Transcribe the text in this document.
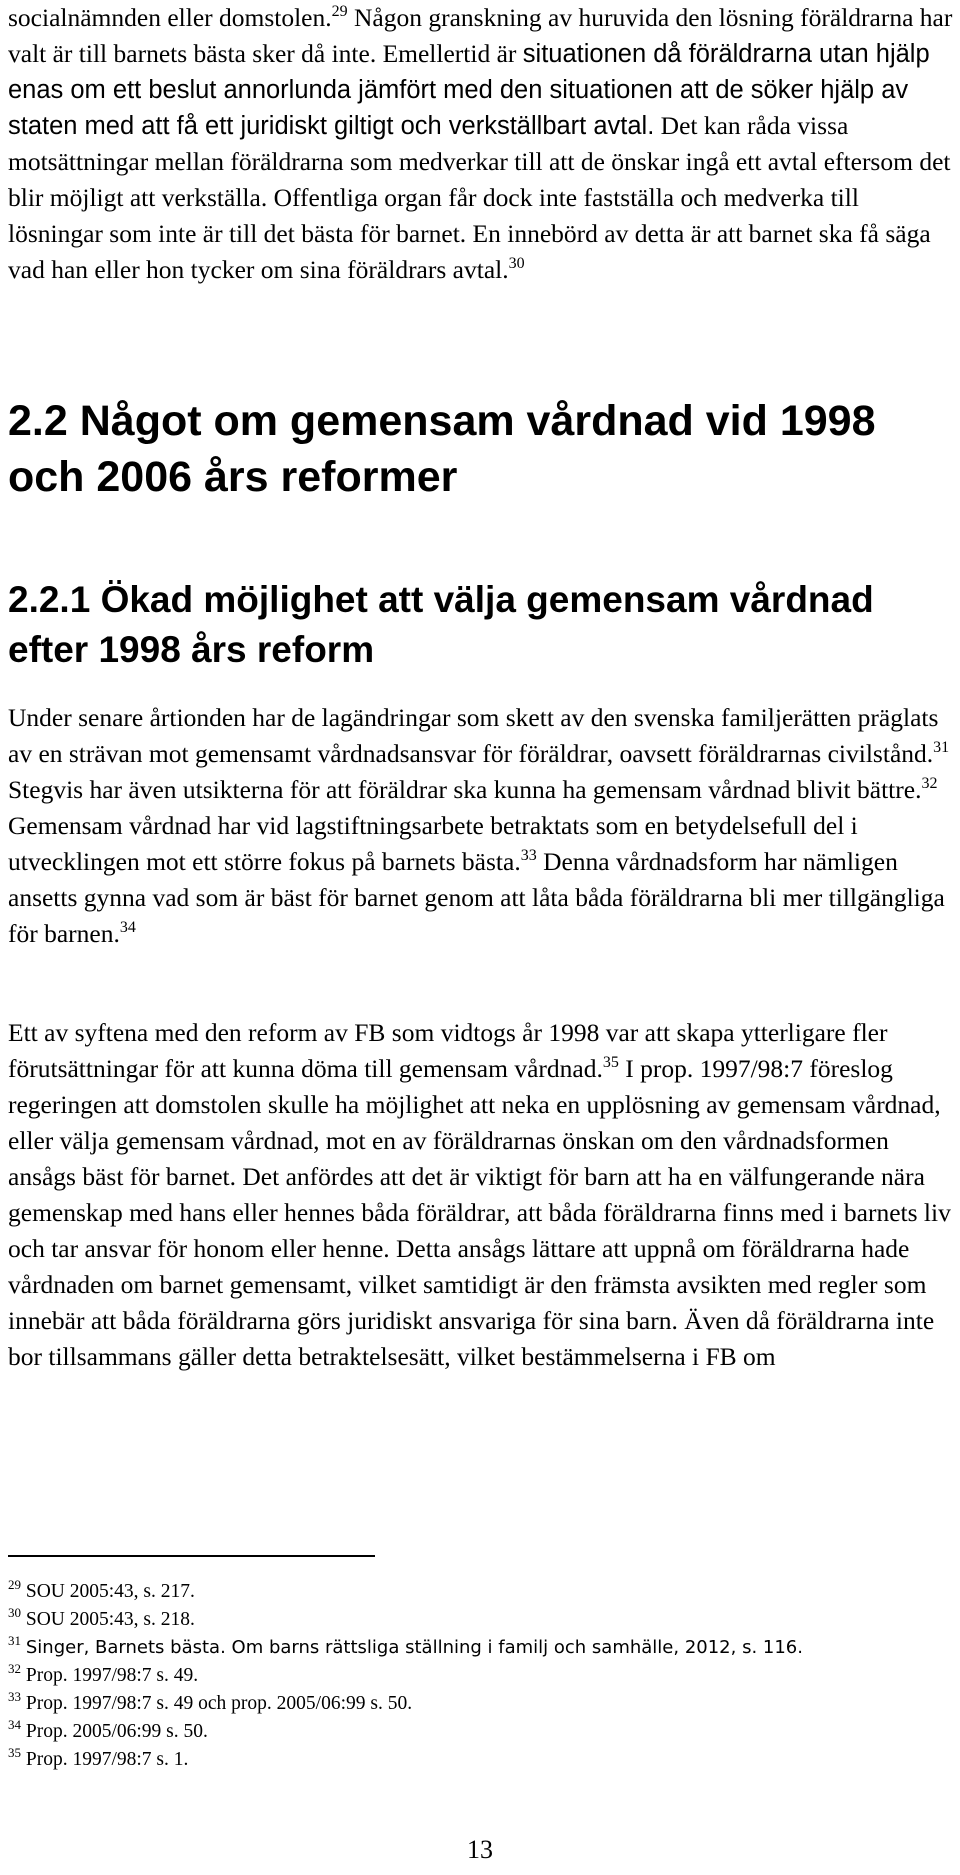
socialnämnden eller domstolen.$^{29}$ Någon granskning av huruvida den lösning föräldrarna har valt är till barnets bästa sker då inte. Emellertid är situationen då föräldrarna utan hjälp enas om ett beslut annorlunda jämfört med den situationen att de söker hjälp av staten med att få ett juridiskt giltigt och verkställbart avtal. Det kan råda vissa motsättningar mellan föräldrarna som medverkar till att de önskar ingå ett avtal eftersom det blir möjligt att verkställa. Offentliga organ får dock inte fastställa och medverka till lösningar som inte är till det bästa för barnet. En innebörd av detta är att barnet ska få säga vad han eller hon tycker om sina föräldrars avtal.$^{30}$

2.2 Något om gemensam vårdnad vid 1998 och 2006 års reformer
2.2.1 Ökad möjlighet att välja gemensam vårdnad efter 1998 års reform

Under senare årtionden har de lagändringar som skett av den svenska familjerätten präglats av en strävan mot gemensamt vårdnadsansvar för föräldrar, oavsett föräldrarnas civilstånd.$^{31}$ Stegvis har även utsikterna för att föräldrar ska kunna ha gemensam vårdnad blivit bättre.$^{32}$ Gemensam vårdnad har vid lagstiftningsarbete betraktats som en betydelsefull del i utvecklingen mot ett större fokus på barnets bästa.$^{33}$ Denna vårdnadsform har nämligen ansetts gynna vad som är bäst för barnet genom att låta båda föräldrarna bli mer tillgängliga för barnen.$^{34}$

Ett av syftena med den reform av FB som vidtogs år 1998 var att skapa ytterligare fler förutsättningar för att kunna döma till gemensam vårdnad.$^{35}$ I prop. 1997/98:7 föreslog regeringen att domstolen skulle ha möjlighet att neka en upplösning av gemensam vårdnad, eller välja gemensam vårdnad, mot en av föräldrarnas önskan om den vårdnadsformen ansågs bäst för barnet. Det anfördes att det är viktigt för barn att ha en välfungerande nära gemenskap med hans eller hennes båda föräldrar, att båda föräldrarna finns med i barnets liv och tar ansvar för honom eller henne. Detta ansågs lättare att uppnå om föräldrarna hade vårdnaden om barnet gemensamt, vilket samtidigt är den främsta avsikten med regler som innebär att båda föräldrarna görs juridiskt ansvariga för sina barn. Även då föräldrarna inte bor tillsammans gäller detta betraktelsesätt, vilket bestämmelserna i FB om

$^{29}$ SOU 2005:43, s. 217.

$^{30}$ SOU 2005:43, s. 218.

$^{31}$ Singer, Barnets bästa. Om barns rättsliga ställning i familj och samhälle, 2012, s. 116.

$^{32}$ Prop. 1997/98:7 s. 49.

$^{33}$ Prop. 1997/98:7 s. 49 och prop. 2005/06:99 s. 50.

$^{34}$ Prop. 2005/06:99 s. 50.

$^{35}$ Prop. 1997/98:7 s. 1.

13
